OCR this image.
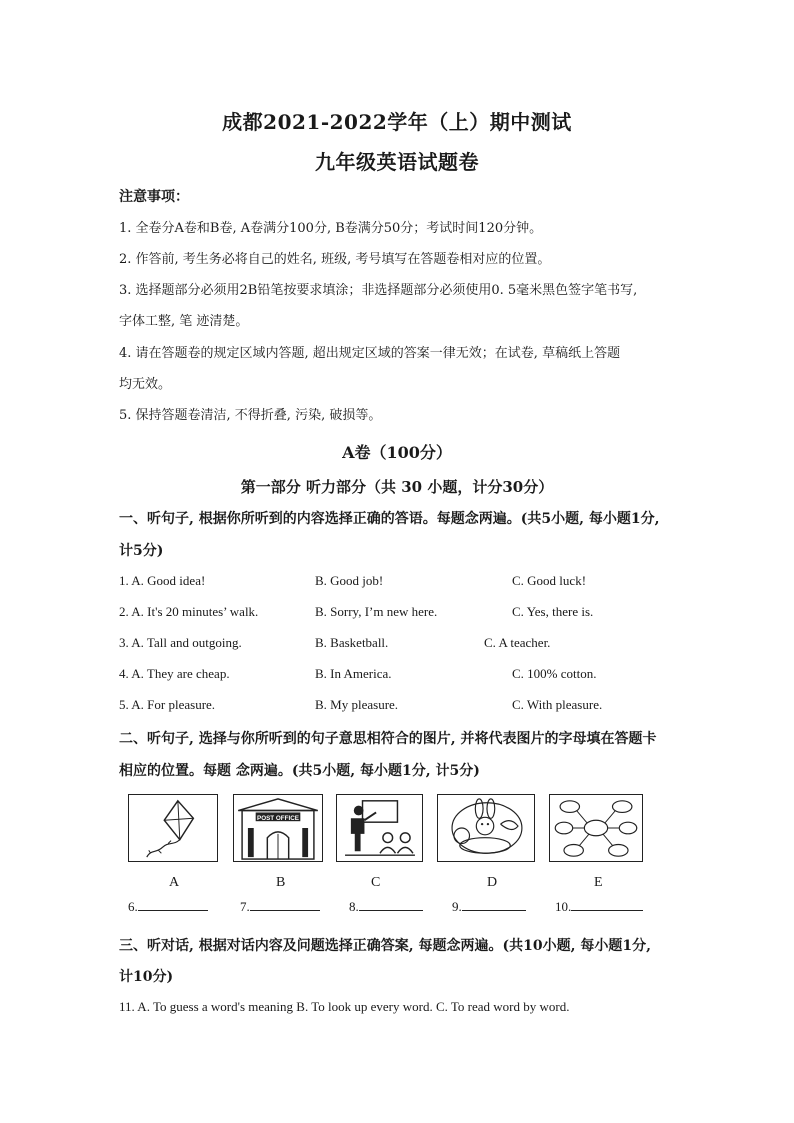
成都2021-2022学年（上）期中测试
九年级英语试题卷
注意事项：
1. 全卷分A卷和B卷, A卷满分100分, B卷满分50分；考试时间120分钟。
2. 作答前, 考生务必将自己的姓名, 班级, 考号填写在答题卷相对应的位置。
3. 选择题部分必须用2B铅笔按要求填涂；非选择题部分必须使用0. 5毫米黑色签字笔书写,
字体工整, 笔 迹清楚。
4. 请在答题卷的规定区域内答题, 超出规定区域的答案一律无效；在试卷, 草稿纸上答题
均无效。
5. 保持答题卷清洁, 不得折叠, 污染, 破损等。
A卷（100分）
第一部分 听力部分（共 30 小题，计分30分）
一、听句子, 根据你所听到的内容选择正确的答语。每题念两遍。(共5小题, 每小题1分,
计5分)
1. A. Good idea!	B. Good job!	C. Good luck!
2. A. It's 20 minutes’ walk.	B. Sorry, I’m new here.	C. Yes, there is.
3. A. Tall and outgoing.	B. Basketball.	C. A teacher.
4. A. They are cheap.	B. In America.	C. 100% cotton.
5. A. For pleasure.	B. My pleasure.	C. With pleasure.
二、听句子, 选择与你所听到的句子意思相符合的图片, 并将代表图片的字母填在答题卡
相应的位置。每题 念两遍。(共5小题, 每小题1分, 计5分)
POST OFFICE
A	B	C	D	E
6.	7.	8.	9.	10.
三、听对话, 根据对话内容及问题选择正确答案, 每题念两遍。(共10小题, 每小题1分,
计10分)
11. A. To guess a word's meaning B. To look up every word. C. To read word by word.
